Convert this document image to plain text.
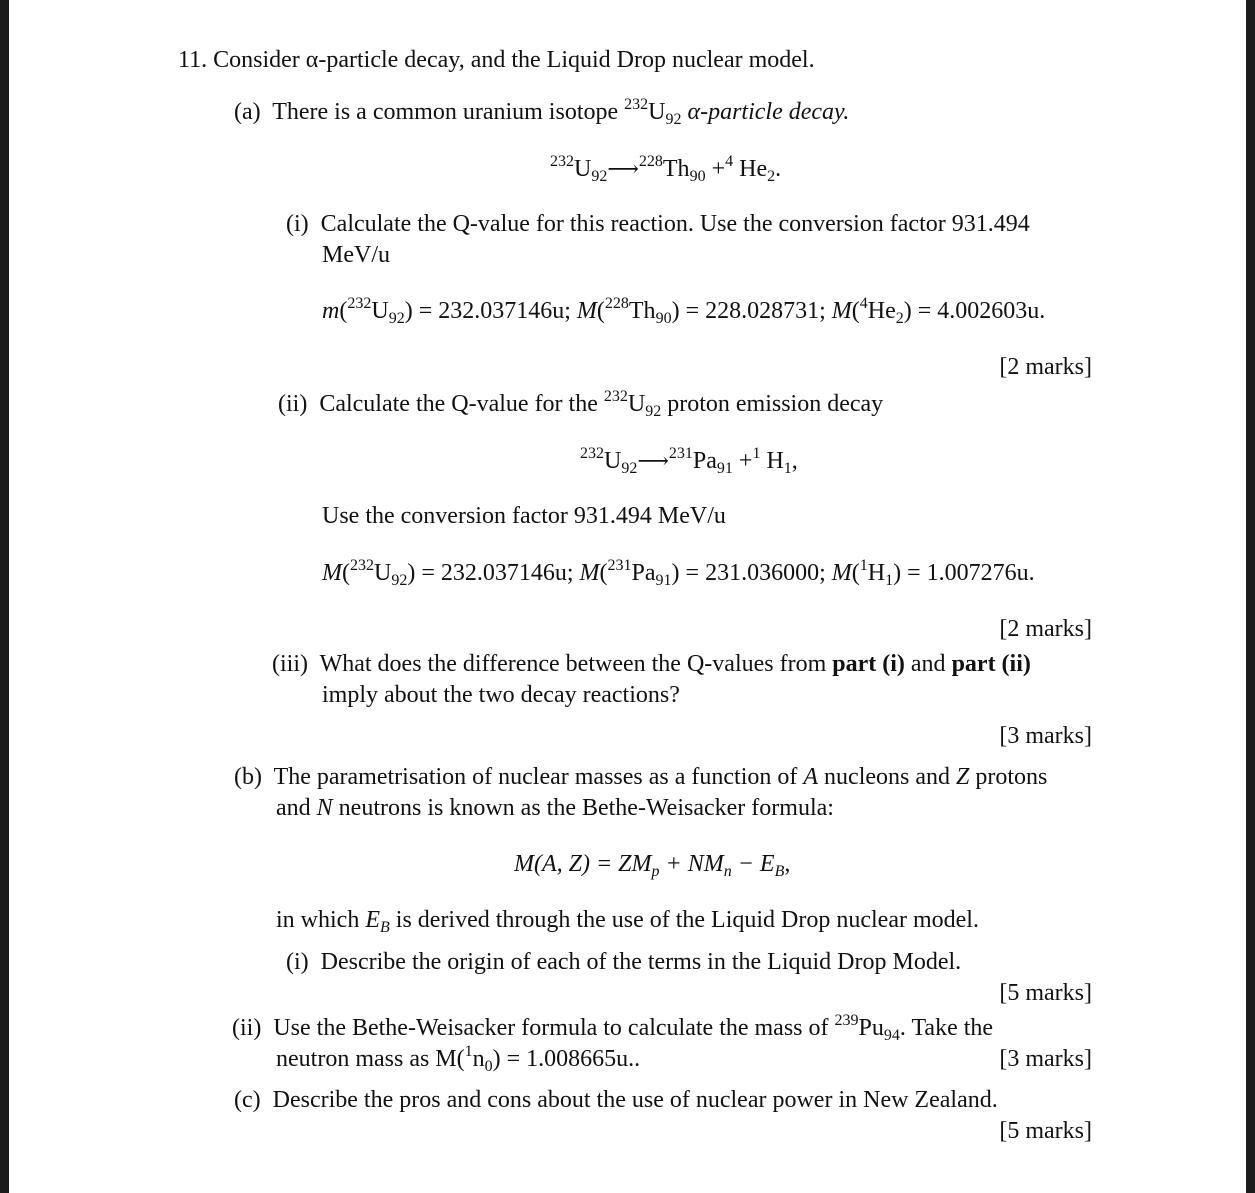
11. Consider α-particle decay, and the Liquid Drop nuclear model.
(a) There is a common uranium isotope $^{232}U_{92}$ α-particle decay.
$^{232}U_{92}⟶^{228}Th_{90} +^4$ $He_2$.
(i) Calculate the Q-value for this reaction. Use the conversion factor 931.494
MeV/u
$m(^{232}U_{92}) = 232.037146u$; $M(^{228}Th_{90}) = 228.028731$; $M(^4He_2) = 4.002603u$.
[2 marks]
(ii) Calculate the Q-value for the $^{232}U_{92}$ proton emission decay
$^{232}U_{92}⟶^{231}Pa_{91} +^1$ $H_1$,
Use the conversion factor 931.494 MeV/u
$M(^{232}U_{92}) = 232.037146u$; $M(^{231}Pa_{91}) = 231.036000$; $M(^1H_1) = 1.007276u$.
[2 marks]
(iii) What does the difference between the Q-values from part (i) and part (ii)
imply about the two decay reactions?
[3 marks]
(b) The parametrisation of nuclear masses as a function of A nucleons and Z protons
and N neutrons is known as the Bethe-Weisacker formula:
M(A, $Z) = ZM_p + NM_n - E_B$,
in which $E_B$ is derived through the use of the Liquid Drop nuclear model.
(i) Describe the origin of each of the terms in the Liquid Drop Model.
[5 marks]
(ii) Use the Bethe-Weisacker formula to calculate the mass of $^{239}Pu_{94}$. Take the
neutron mass as $M(^1n_0) = 1.008665u$..	[3 marks]
(c) Describe the pros and cons about the use of nuclear power in New Zealand.
[5 marks]
